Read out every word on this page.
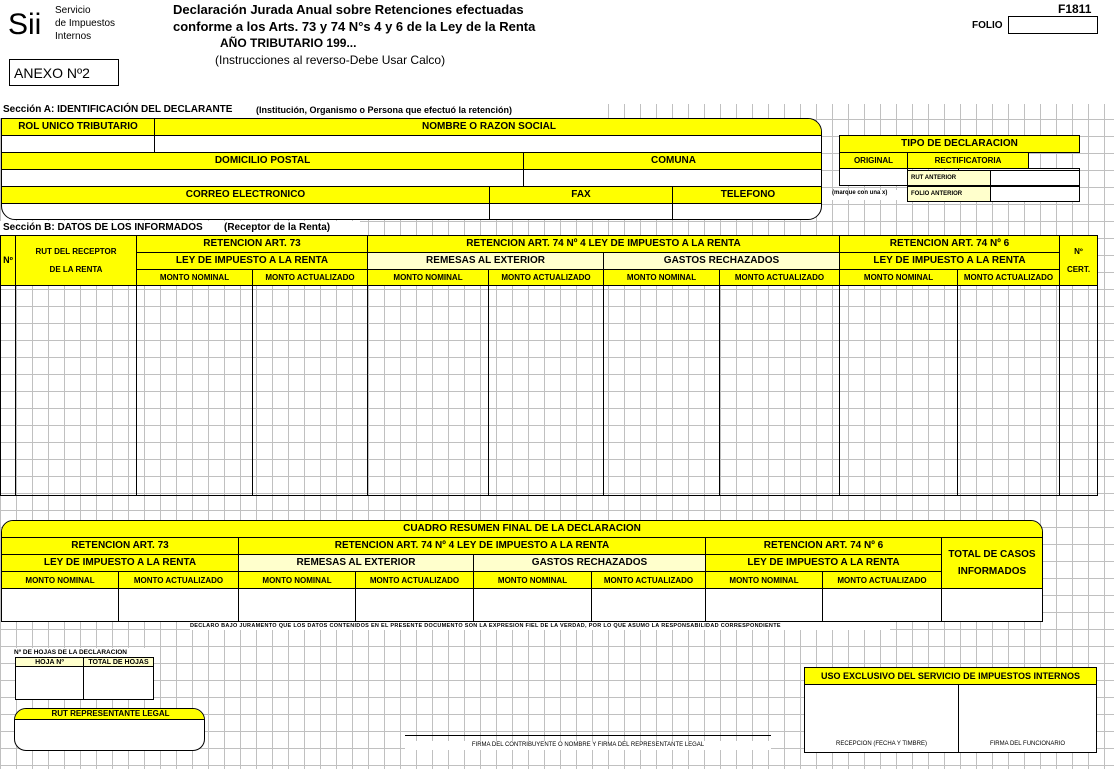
Sii Servicio
de Impuestos
Internos
Declaración Jurada Anual sobre Retenciones efectuadas
conforme a los Arts. 73 y 74 N°s 4 y 6 de la Ley de la Renta
AÑO TRIBUTARIO 199...
(Instrucciones al reverso-Debe Usar Calco)
F1811
FOLIO
ANEXO Nº2
Sección A: IDENTIFICACIÓN DEL DECLARANTE	(Institución, Organismo o Persona que efectuó la retención)
ROL UNICO TRIBUTARIO	NOMBRE O RAZON SOCIAL
DOMICILIO POSTAL	COMUNA
CORREO ELECTRONICO	FAX	TELEFONO
TIPO DE DECLARACION
ORIGINAL	RECTIFICATORIA
RUT ANTERIOR
FOLIO ANTERIOR
(marque con una x)
Sección B: DATOS DE LOS INFORMADOS (Receptor de la Renta)
Nº
RUT DEL RECEPTOR
DE LA RENTA
RETENCION ART. 73
LEY DE IMPUESTO A LA RENTA
RETENCION ART. 74 Nº 4 LEY DE IMPUESTO A LA RENTA
REMESAS AL EXTERIOR	GASTOS RECHAZADOS
RETENCION ART. 74 Nº 6
LEY DE IMPUESTO A LA RENTA
Nº
CERT.
MONTO NOMINAL	MONTO ACTUALIZADO	MONTO NOMINAL	MONTO ACTUALIZADO	MONTO NOMINAL	MONTO ACTUALIZADO	MONTO NOMINAL	MONTO ACTUALIZADO
CUADRO RESUMEN FINAL DE LA DECLARACION
RETENCION ART. 73
LEY DE IMPUESTO A LA RENTA
RETENCION ART. 74 Nº 4 LEY DE IMPUESTO A LA RENTA
REMESAS AL EXTERIOR	GASTOS RECHAZADOS
RETENCION ART. 74 Nº 6
LEY DE IMPUESTO A LA RENTA
TOTAL DE CASOS
INFORMADOS
MONTO NOMINAL	MONTO ACTUALIZADO	MONTO NOMINAL	MONTO ACTUALIZADO	MONTO NOMINAL	MONTO ACTUALIZADO	MONTO NOMINAL	MONTO ACTUALIZADO
DECLARO BAJO JURAMENTO QUE LOS DATOS CONTENIDOS EN EL PRESENTE DOCUMENTO SON LA EXPRESION FIEL DE LA VERDAD, POR LO QUE ASUMO LA RESPONSABILIDAD CORRESPONDIENTE
Nº DE HOJAS DE LA DECLARACION
HOJA Nº	TOTAL DE HOJAS
RUT REPRESENTANTE LEGAL
FIRMA DEL CONTRIBUYENTE O NOMBRE Y FIRMA DEL REPRESENTANTE LEGAL
USO EXCLUSIVO DEL SERVICIO DE IMPUESTOS INTERNOS
RECEPCION (FECHA Y TIMBRE)	FIRMA DEL FUNCIONARIO
